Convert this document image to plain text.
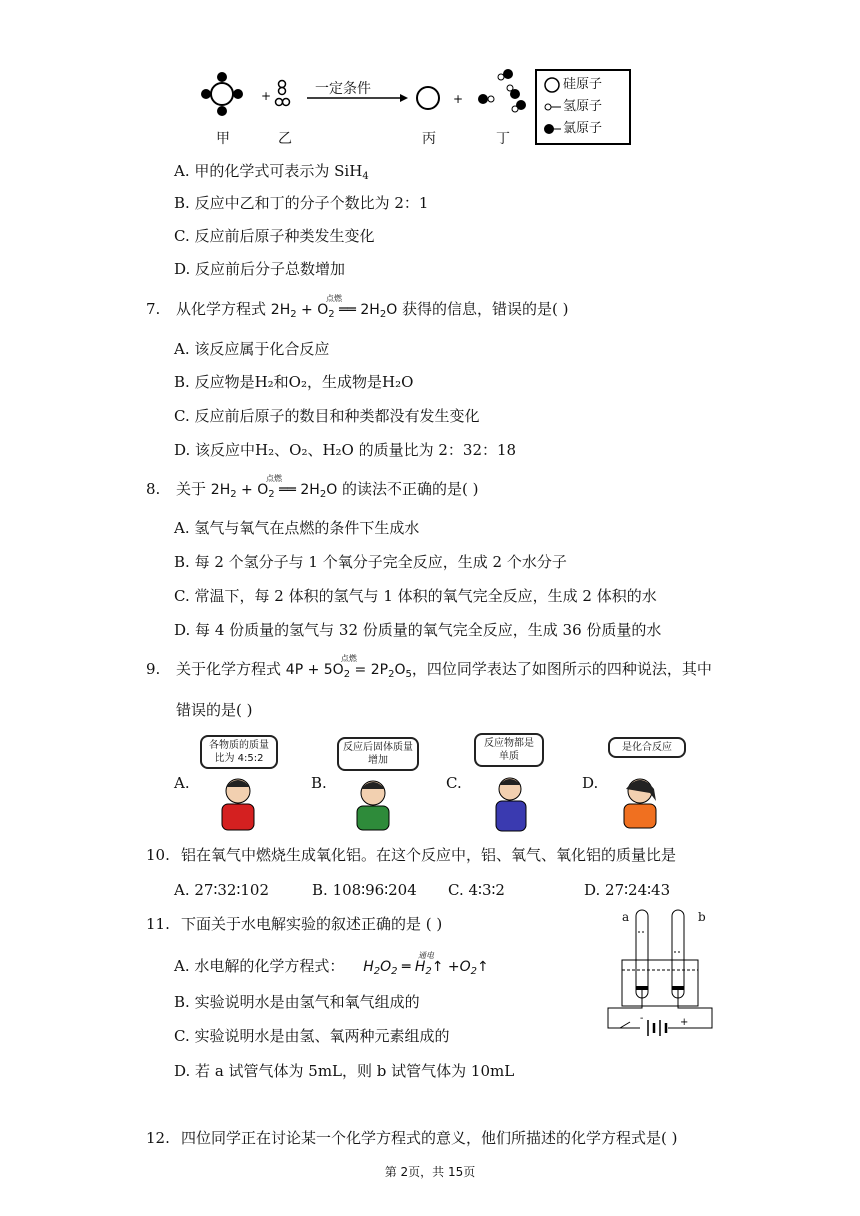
+	+
一定条件
甲	乙	丙	丁
硅原子
氢原子
氯原子
A. 甲的化学式可表示为 SiH$_4$
B. 反应中乙和丁的分子个数比为 2：1
C. 反应前后原子种类发生变化
D. 反应前后分子总数增加
7. 从化学方程式
点燃
$2H_2 + O_2$ ══ $2H_2O$ 获得的信息，错误的是( )
A. 该反应属于化合反应
B. 反应物是H₂和O₂，生成物是H₂O
C. 反应前后原子的数目和种类都没有发生变化
D. 该反应中H₂、O₂、H₂O 的质量比为 2：32：18
8. 关于
点燃
$2H_2 + O_2$ ══ $2H_2O$ 的读法不正确的是( )
A. 氢气与氧气在点燃的条件下生成水
B. 每 2 个氢分子与 1 个氧分子完全反应，生成 2 个水分子
C. 常温下，每 2 体积的氢气与 1 体积的氧气完全反应，生成 2 体积的水
D. 每 4 份质量的氢气与 32 份质量的氧气完全反应，生成 36 份质量的水
9. 关于化学方程式
点燃
$4P + 5O_2 = 2P_2O_5$，四位同学表达了如图所示的四种说法，其中
错误的是( )
A.
各物质的质量比为 4:5:2
B.
反应后固体质量增加
C.
反应物都是单质
D.
是化合反应
10. 铝在氧气中燃烧生成氧化铝。在这个反应中，铝、氧气、氧化铝的质量比是
A. 27∶32∶102	B. 108∶96∶204 C. 4∶3∶2	D. 27∶24∶43
11. 下面关于水电解实验的叙述正确的是 ( )
A. 水电解的化学方程式：
通电
$H_2O_2$ ═ $H_2↑$ $+O_2↑$
B. 实验说明水是由氢气和氧气组成的
C. 实验说明水是由氢、氧两种元素组成的
D. 若 a 试管气体为 5mL，则 b 试管气体为 10mL
-	+
a	b
12. 四位同学正在讨论某一个化学方程式的意义，他们所描述的化学方程式是( )
第 2页，共 15页
